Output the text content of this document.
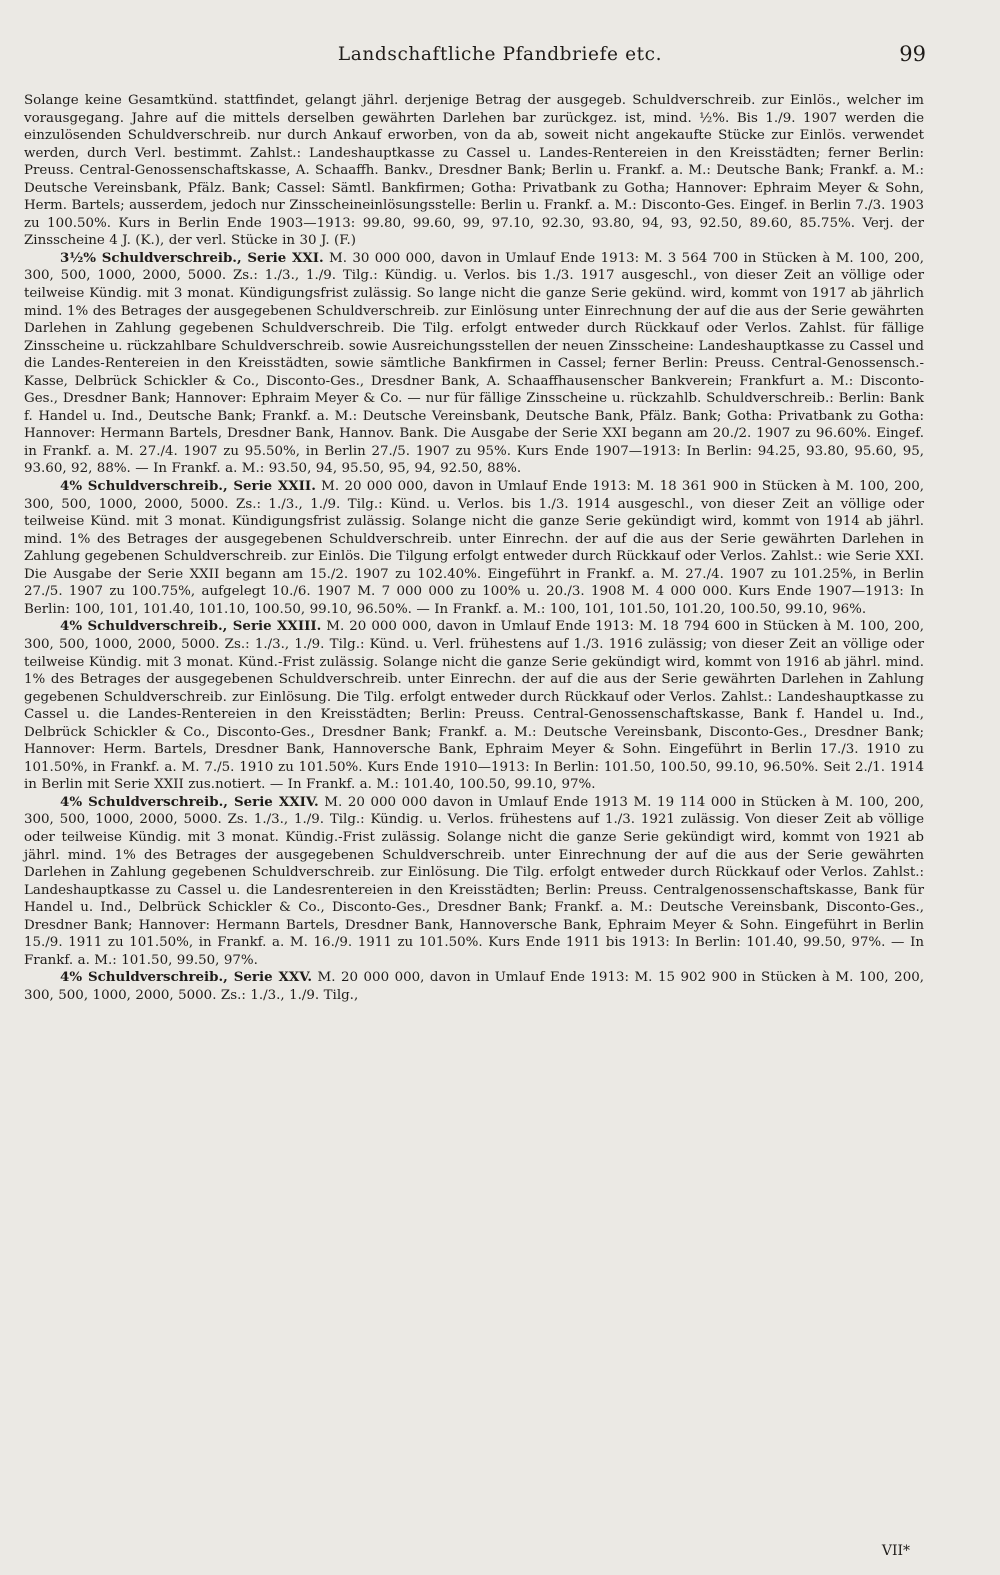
Landschaftliche Pfandbriefe etc.	99

Solange keine Gesamtkünd. stattfindet, gelangt jährl. derjenige Betrag der ausgegeb. Schuldverschreib. zur Einlös., welcher im vorausgegang. Jahre auf die mittels derselben gewährten Darlehen bar zurückgez. ist, mind. ½%. Bis 1./9. 1907 werden die einzulösenden Schuldverschreib. nur durch Ankauf erworben, von da ab, soweit nicht angekaufte Stücke zur Einlös. verwendet werden, durch Verl. bestimmt. Zahlst.: Landeshauptkasse zu Cassel u. Landes-Rentereien in den Kreisstädten; ferner Berlin: Preuss. Central-Genossenschaftskasse, A. Schaaffh. Bankv., Dresdner Bank; Berlin u. Frankf. a. M.: Deutsche Bank; Frankf. a. M.: Deutsche Vereinsbank, Pfälz. Bank; Cassel: Sämtl. Bankfirmen; Gotha: Privatbank zu Gotha; Hannover: Ephraim Meyer & Sohn, Herm. Bartels; ausserdem, jedoch nur Zinsscheineinlösungsstelle: Berlin u. Frankf. a. M.: Disconto-Ges. Eingef. in Berlin 7./3. 1903 zu 100.50%. Kurs in Berlin Ende 1903—1913: 99.80, 99.60, 99, 97.10, 92.30, 93.80, 94, 93, 92.50, 89.60, 85.75%. Verj. der Zinsscheine 4 J. (K.), der verl. Stücke in 30 J. (F.)

3½% Schuldverschreib., Serie XXI. M. 30 000 000, davon in Umlauf Ende 1913: M. 3 564 700 in Stücken à M. 100, 200, 300, 500, 1000, 2000, 5000. Zs.: 1./3., 1./9. Tilg.: Kündig. u. Verlos. bis 1./3. 1917 ausgeschl., von dieser Zeit an völlige oder teilweise Kündig. mit 3 monat. Kündigungsfrist zulässig. So lange nicht die ganze Serie gekünd. wird, kommt von 1917 ab jährlich mind. 1% des Betrages der ausgegebenen Schuldverschreib. zur Einlösung unter Einrechnung der auf die aus der Serie gewährten Darlehen in Zahlung gegebenen Schuldverschreib. Die Tilg. erfolgt entweder durch Rückkauf oder Verlos. Zahlst. für fällige Zinsscheine u. rückzahlbare Schuldverschreib. sowie Ausreichungsstellen der neuen Zinsscheine: Landeshauptkasse zu Cassel und die Landes-Rentereien in den Kreisstädten, sowie sämtliche Bankfirmen in Cassel; ferner Berlin: Preuss. Central-Genossensch.-Kasse, Delbrück Schickler & Co., Disconto-Ges., Dresdner Bank, A. Schaaffhausenscher Bankverein; Frankfurt a. M.: Disconto-Ges., Dresdner Bank; Hannover: Ephraim Meyer & Co. — nur für fällige Zinsscheine u. rückzahlb. Schuldverschreib.: Berlin: Bank f. Handel u. Ind., Deutsche Bank; Frankf. a. M.: Deutsche Vereinsbank, Deutsche Bank, Pfälz. Bank; Gotha: Privatbank zu Gotha: Hannover: Hermann Bartels, Dresdner Bank, Hannov. Bank. Die Ausgabe der Serie XXI begann am 20./2. 1907 zu 96.60%. Eingef. in Frankf. a. M. 27./4. 1907 zu 95.50%, in Berlin 27./5. 1907 zu 95%. Kurs Ende 1907—1913: In Berlin: 94.25, 93.80, 95.60, 95, 93.60, 92, 88%. — In Frankf. a. M.: 93.50, 94, 95.50, 95, 94, 92.50, 88%.

4% Schuldverschreib., Serie XXII. M. 20 000 000, davon in Umlauf Ende 1913: M. 18 361 900 in Stücken à M. 100, 200, 300, 500, 1000, 2000, 5000. Zs.: 1./3., 1./9. Tilg.: Künd. u. Verlos. bis 1./3. 1914 ausgeschl., von dieser Zeit an völlige oder teilweise Künd. mit 3 monat. Kündigungsfrist zulässig. Solange nicht die ganze Serie gekündigt wird, kommt von 1914 ab jährl. mind. 1% des Betrages der ausgegebenen Schuldverschreib. unter Einrechn. der auf die aus der Serie gewährten Darlehen in Zahlung gegebenen Schuldverschreib. zur Einlös. Die Tilgung erfolgt entweder durch Rückkauf oder Verlos. Zahlst.: wie Serie XXI. Die Ausgabe der Serie XXII begann am 15./2. 1907 zu 102.40%. Eingeführt in Frankf. a. M. 27./4. 1907 zu 101.25%, in Berlin 27./5. 1907 zu 100.75%, aufgelegt 10./6. 1907 M. 7 000 000 zu 100% u. 20./3. 1908 M. 4 000 000. Kurs Ende 1907—1913: In Berlin: 100, 101, 101.40, 101.10, 100.50, 99.10, 96.50%. — In Frankf. a. M.: 100, 101, 101.50, 101.20, 100.50, 99.10, 96%.

4% Schuldverschreib., Serie XXIII. M. 20 000 000, davon in Umlauf Ende 1913: M. 18 794 600 in Stücken à M. 100, 200, 300, 500, 1000, 2000, 5000. Zs.: 1./3., 1./9. Tilg.: Künd. u. Verl. frühestens auf 1./3. 1916 zulässig; von dieser Zeit an völlige oder teilweise Kündig. mit 3 monat. Künd.-Frist zulässig. Solange nicht die ganze Serie gekündigt wird, kommt von 1916 ab jährl. mind. 1% des Betrages der ausgegebenen Schuldverschreib. unter Einrechn. der auf die aus der Serie gewährten Darlehen in Zahlung gegebenen Schuldverschreib. zur Einlösung. Die Tilg. erfolgt entweder durch Rückkauf oder Verlos. Zahlst.: Landeshauptkasse zu Cassel u. die Landes-Rentereien in den Kreisstädten; Berlin: Preuss. Central-Genossenschaftskasse, Bank f. Handel u. Ind., Delbrück Schickler & Co., Disconto-Ges., Dresdner Bank; Frankf. a. M.: Deutsche Vereinsbank, Disconto-Ges., Dresdner Bank; Hannover: Herm. Bartels, Dresdner Bank, Hannoversche Bank, Ephraim Meyer & Sohn. Eingeführt in Berlin 17./3. 1910 zu 101.50%, in Frankf. a. M. 7./5. 1910 zu 101.50%. Kurs Ende 1910—1913: In Berlin: 101.50, 100.50, 99.10, 96.50%. Seit 2./1. 1914 in Berlin mit Serie XXII zus.notiert. — In Frankf. a. M.: 101.40, 100.50, 99.10, 97%.

4% Schuldverschreib., Serie XXIV. M. 20 000 000 davon in Umlauf Ende 1913 M. 19 114 000 in Stücken à M. 100, 200, 300, 500, 1000, 2000, 5000. Zs. 1./3., 1./9. Tilg.: Kündig. u. Verlos. frühestens auf 1./3. 1921 zulässig. Von dieser Zeit ab völlige oder teilweise Kündig. mit 3 monat. Kündig.-Frist zulässig. Solange nicht die ganze Serie gekündigt wird, kommt von 1921 ab jährl. mind. 1% des Betrages der ausgegebenen Schuldverschreib. unter Einrechnung der auf die aus der Serie gewährten Darlehen in Zahlung gegebenen Schuldverschreib. zur Einlösung. Die Tilg. erfolgt entweder durch Rückkauf oder Verlos. Zahlst.: Landeshauptkasse zu Cassel u. die Landesrentereien in den Kreisstädten; Berlin: Preuss. Centralgenossenschaftskasse, Bank für Handel u. Ind., Delbrück Schickler & Co., Disconto-Ges., Dresdner Bank; Frankf. a. M.: Deutsche Vereinsbank, Disconto-Ges., Dresdner Bank; Hannover: Hermann Bartels, Dresdner Bank, Hannoversche Bank, Ephraim Meyer & Sohn. Eingeführt in Berlin 15./9. 1911 zu 101.50%, in Frankf. a. M. 16./9. 1911 zu 101.50%. Kurs Ende 1911 bis 1913: In Berlin: 101.40, 99.50, 97%. — In Frankf. a. M.: 101.50, 99.50, 97%.

4% Schuldverschreib., Serie XXV. M. 20 000 000, davon in Umlauf Ende 1913: M. 15 902 900 in Stücken à M. 100, 200, 300, 500, 1000, 2000, 5000. Zs.: 1./3., 1./9. Tilg.,

VII*
